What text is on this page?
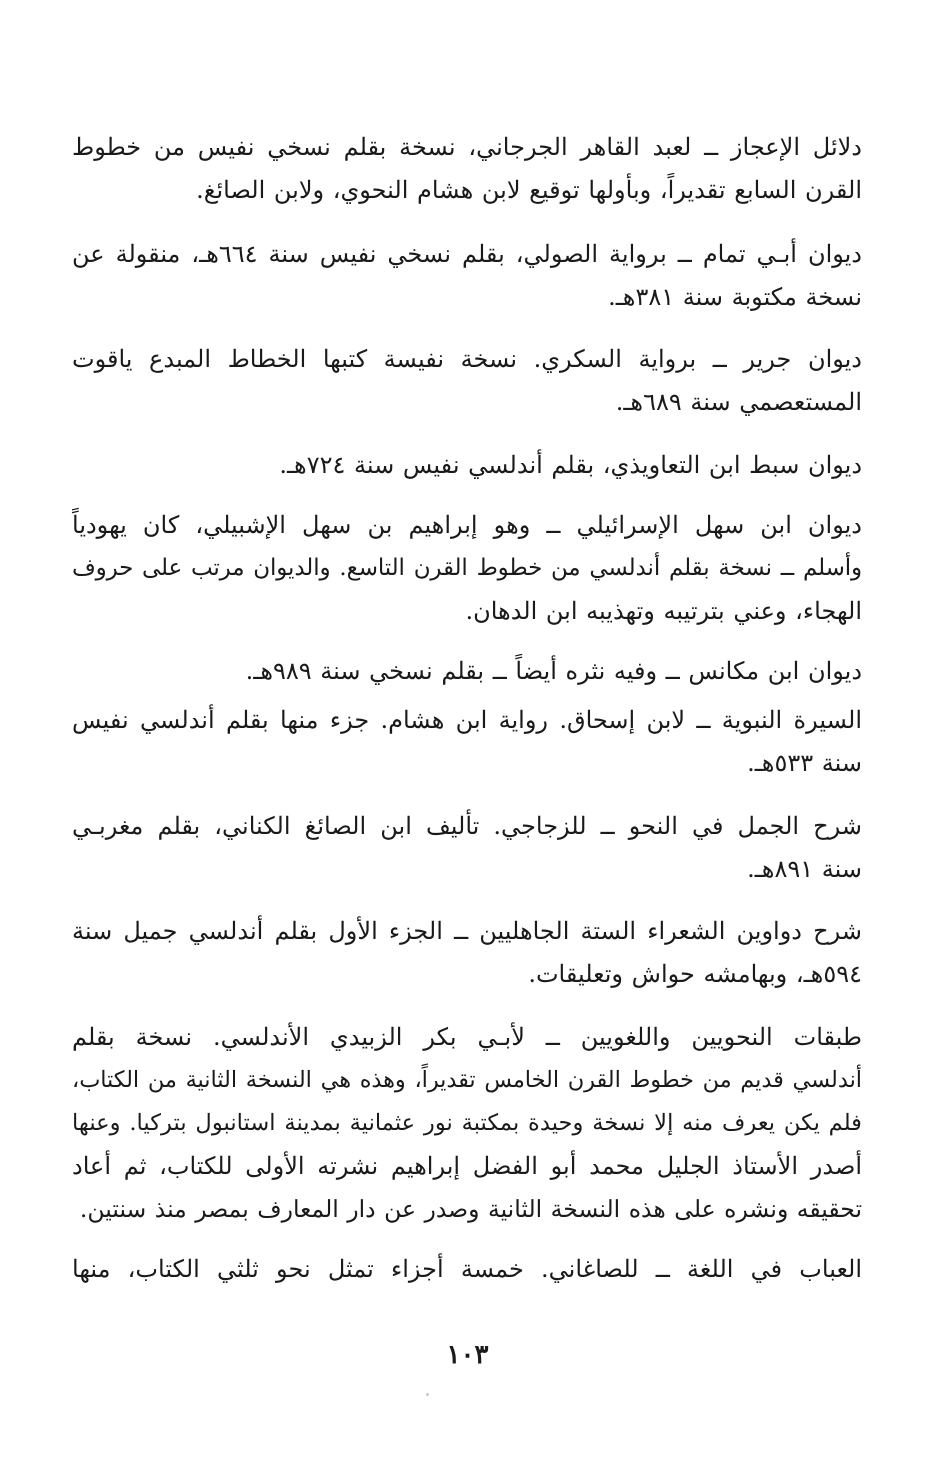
دلائل الإعجاز ــ لعبد القاهر الجرجاني، نسخة بقلم نسخي نفيس من خطوط
القرن السابع تقديراً، وبأولها توقيع لابن هشام النحوي، ولابن الصائغ.
ديوان أبـي تمام ــ برواية الصولي، بقلم نسخي نفيس سنة ٦٦٤هـ، منقولة عن
نسخة مكتوبة سنة ٣٨١هـ.
ديوان جرير ــ برواية السكري. نسخة نفيسة كتبها الخطاط المبدع ياقوت
المستعصمي سنة ٦٨٩هـ.
ديوان سبط ابن التعاويذي، بقلم أندلسي نفيس سنة ٧٢٤هـ.
ديوان ابن سهل الإسرائيلي ــ وهو إبراهيم بن سهل الإشبيلي، كان يهودياً
وأسلم ــ نسخة بقلم أندلسي من خطوط القرن التاسع. والديوان مرتب على حروف
الهجاء، وعني بترتيبه وتهذيبه ابن الدهان.
ديوان ابن مكانس ــ وفيه نثره أيضاً ــ بقلم نسخي سنة ٩٨٩هـ.
السيرة النبوية ــ لابن إسحاق. رواية ابن هشام. جزء منها بقلم أندلسي نفيس
سنة ٥٣٣هـ.
شرح الجمل في النحو ــ للزجاجي. تأليف ابن الصائغ الكناني، بقلم مغربـي
سنة ٨٩١هـ.
شرح دواوين الشعراء الستة الجاهليين ــ الجزء الأول بقلم أندلسي جميل سنة
٥٩٤هـ، وبهامشه حواش وتعليقات.
طبقات النحويين واللغويين ــ لأبـي بكر الزبيدي الأندلسي. نسخة بقلم
أندلسي قديم من خطوط القرن الخامس تقديراً، وهذه هي النسخة الثانية من الكتاب،
فلم يكن يعرف منه إلا نسخة وحيدة بمكتبة نور عثمانية بمدينة استانبول بتركيا. وعنها
أصدر الأستاذ الجليل محمد أبو الفضل إبراهيم نشرته الأولى للكتاب، ثم أعاد
تحقيقه ونشره على هذه النسخة الثانية وصدر عن دار المعارف بمصر منذ سنتين.
العباب في اللغة ــ للصاغاني. خمسة أجزاء تمثل نحو ثلثي الكتاب، منها
١٠٣
